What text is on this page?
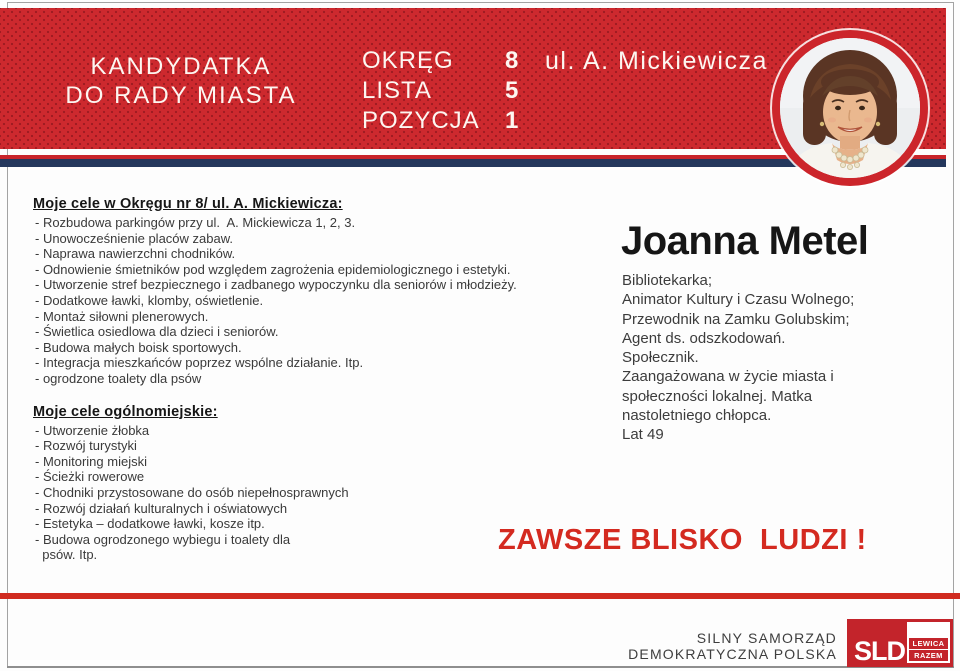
KANDYDATKA
DO RADY MIASTA
OKRĘG	8
LISTA	5
POZYCJA	1
ul. A. Mickiewicza
Moje cele w Okręgu nr 8/ ul. A. Mickiewicza:
- Rozbudowa parkingów przy ul.  A. Mickiewicza 1, 2, 3.
- Unowocześnienie placów zabaw.
- Naprawa nawierzchni chodników.
- Odnowienie śmietników pod względem zagrożenia epidemiologicznego i estetyki.
- Utworzenie stref bezpiecznego i zadbanego wypoczynku dla seniorów i młodzieży.
- Dodatkowe ławki, klomby, oświetlenie.
- Montaż siłowni plenerowych.
- Świetlica osiedlowa dla dzieci i seniorów.
- Budowa małych boisk sportowych.
- Integracja mieszkańców poprzez wspólne działanie. Itp.
- ogrodzone toalety dla psów
Moje cele ogólnomiejskie:
- Utworzenie żłobka
- Rozwój turystyki
- Monitoring miejski
- Ścieżki rowerowe
- Chodniki przystosowane do osób niepełnosprawnych
- Rozwój działań kulturalnych i oświatowych
- Estetyka – dodatkowe ławki, kosze itp.
- Budowa ogrodzonego wybiegu i toalety dla
psów. Itp.
Joanna Metel
Bibliotekarka;
Animator Kultury i Czasu Wolnego;
Przewodnik na Zamku Golubskim;
Agent ds. odszkodowań.
Społecznik.
Zaangażowana w życie miasta i
społeczności lokalnej. Matka
nastoletniego chłopca.
Lat 49
ZAWSZE BLISKO  LUDZI !
SILNY SAMORZĄD
DEMOKRATYCZNA POLSKA SLD	LEWICA
RAZEM
